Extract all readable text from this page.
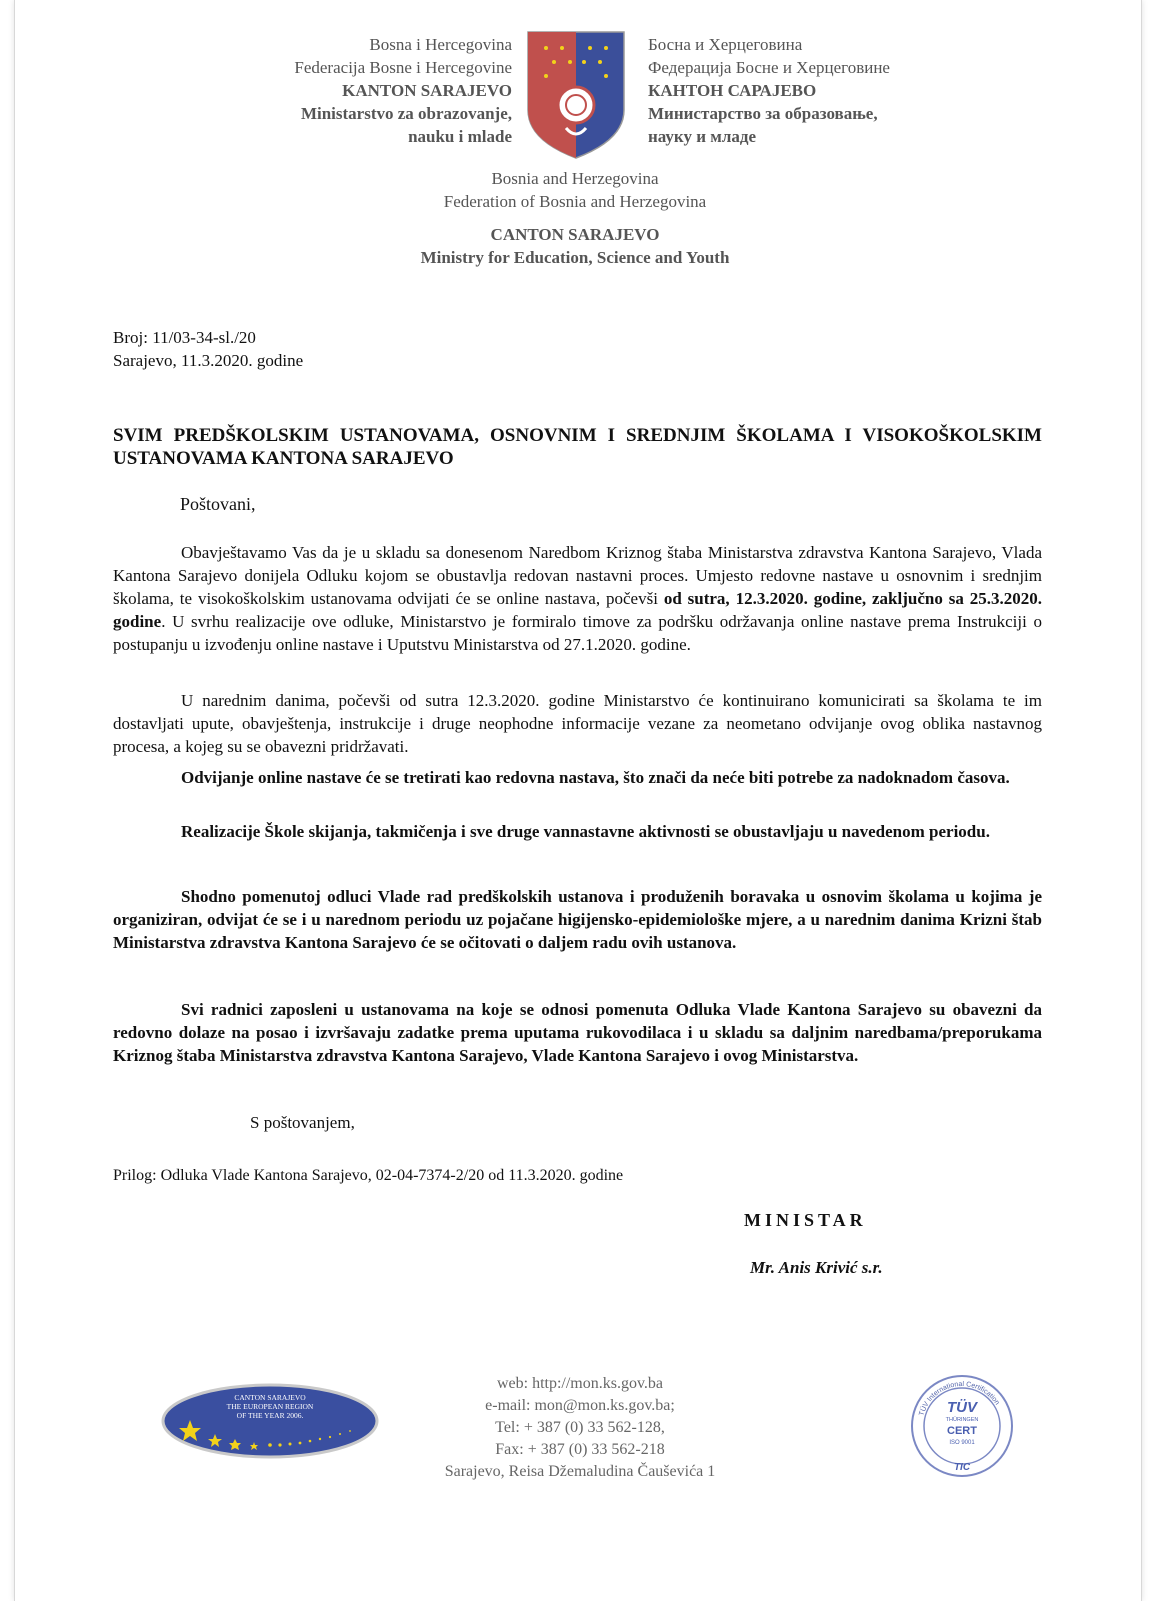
Bosna i Hercegovina
Federacija Bosne i Hercegovine
KANTON SARAJEVO
Ministarstvo za obrazovanje,
nauku i mlade
Босна и Херцеговина
Федерација Босне и Херцеговине
КАНТОН САРАЈЕВО
Министарство за образовање,
науку и младе
Bosnia and Herzegovina
Federation of Bosnia and Herzegovina
CANTON SARAJEVO
Ministry for Education, Science and Youth
Broj: 11/03-34-sl./20
Sarajevo, 11.3.2020. godine
SVIM PREDŠKOLSKIM USTANOVAMA, OSNOVNIM I SREDNJIM ŠKOLAMA I VISOKOŠKOLSKIM USTANOVAMA KANTONA SARAJEVO
Poštovani,
Obavještavamo Vas da je u skladu sa donesenom Naredbom Kriznog štaba Ministarstva zdravstva Kantona Sarajevo, Vlada Kantona Sarajevo donijela Odluku kojom se obustavlja redovan nastavni proces. Umjesto redovne nastave u osnovnim i srednjim školama, te visokoškolskim ustanovama odvijati će se online nastava, počevši od sutra, 12.3.2020. godine, zaključno sa 25.3.2020. godine. U svrhu realizacije ove odluke, Ministarstvo je formiralo timove za podršku održavanja online nastave prema Instrukciji o postupanju u izvođenju online nastave i Uputstvu Ministarstva od 27.1.2020. godine.
U narednim danima, počevši od sutra 12.3.2020. godine Ministarstvo će kontinuirano komunicirati sa školama te im dostavljati upute, obavještenja, instrukcije i druge neophodne informacije vezane za neometano odvijanje ovog oblika nastavnog procesa, a kojeg su se obavezni pridržavati.
Odvijanje online nastave će se tretirati kao redovna nastava, što znači da neće biti potrebe za nadoknadom časova.
Realizacije Škole skijanja, takmičenja i sve druge vannastavne aktivnosti se obustavljaju u navedenom periodu.
Shodno pomenutoj odluci Vlade rad predškolskih ustanova i produženih boravaka u osnovim školama u kojima je organiziran, odvijat će se i u narednom periodu uz pojačane higijensko-epidemiološke mjere, a u narednim danima Krizni štab Ministarstva zdravstva Kantona Sarajevo će se očitovati o daljem radu ovih ustanova.
Svi radnici zaposleni u ustanovama na koje se odnosi pomenuta Odluka Vlade Kantona Sarajevo su obavezni da redovno dolaze na posao i izvršavaju zadatke prema uputama rukovodilaca i u skladu sa daljnim naredbama/preporukama Kriznog štaba Ministarstva zdravstva Kantona Sarajevo, Vlade Kantona Sarajevo i ovog Ministarstva.
S poštovanjem,
Prilog: Odluka Vlade Kantona Sarajevo, 02-04-7374-2/20 od 11.3.2020. godine
MINISTAR
Mr. Anis Krivić s.r.
CANTON SARAJEVO
THE EUROPEAN REGION
OF THE YEAR 2006.
web: http://mon.ks.gov.ba
e-mail: mon@mon.ks.gov.ba;
Tel: + 387 (0) 33 562-128,
Fax: + 387 (0) 33 562-218
Sarajevo, Reisa Džemaludina Čauševića 1
TÜV International Certification
TÜV
THÜRINGEN
CERT
ISO 9001
TIC
